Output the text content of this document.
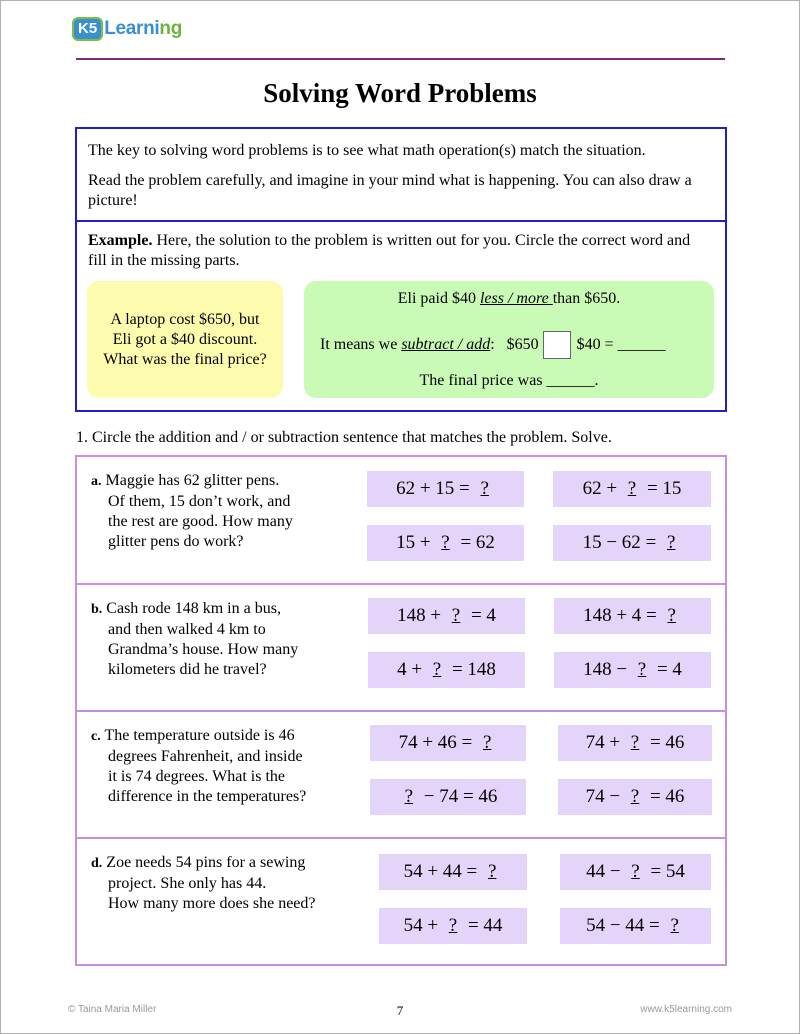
K5 Learning
Solving Word Problems

The key to solving word problems is to see what math operation(s) match the situation.

Read the problem carefully, and imagine in your mind what is happening. You can also draw a picture!

Example. Here, the solution to the problem is written out for you. Circle the correct word and fill in the missing parts.
A laptop cost $650, but
Eli got a $40 discount.
What was the final price?
Eli paid $40 less / more than $650.
It means we subtract / add :   $650 $40 = ______
The final price was ______.
1. Circle the addition and / or subtraction sentence that matches the problem. Solve.
a. Maggie has 62 glitter pens.
Of them, 15 don’t work, and
the rest are good. How many
glitter pens do work?
62 + 15 = ?	62 + ? = 15
15 + ? = 62	15 − 62 = ?
b. Cash rode 148 km in a bus,
and then walked 4 km to
Grandma’s house. How many
kilometers did he travel?
148 + ? = 4	148 + 4 = ?
4 + ? = 148	148 − ? = 4
c. The temperature outside is 46
degrees Fahrenheit, and inside
it is 74 degrees. What is the
difference in the temperatures?
74 + 46 = ?	74 + ? = 46
? − 74 = 46	74 − ? = 46
d. Zoe needs 54 pins for a sewing
project. She only has 44.
How many more does she need?
54 + 44 = ?	44 − ? = 54
54 + ? = 44	54 − 44 = ?
© Taina Maria Miller	7	www.k5learning.com
